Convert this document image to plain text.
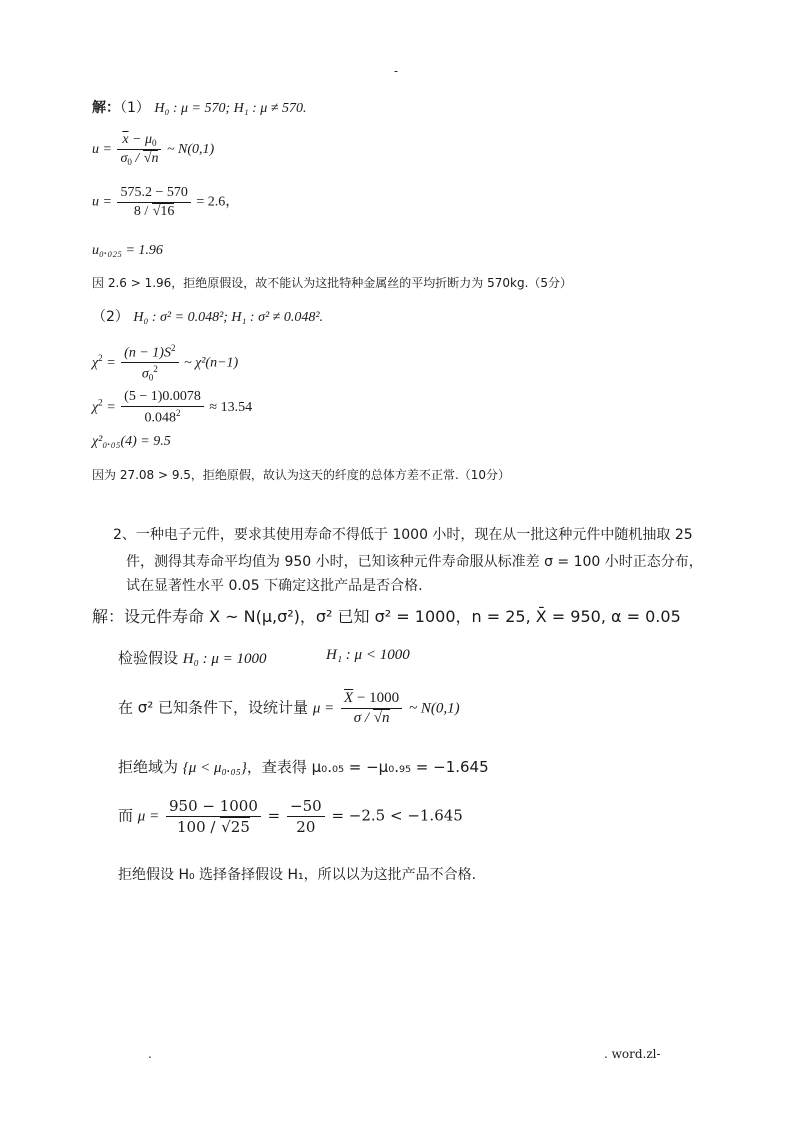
-
解：（1） H₀ : μ = 570; H₁ : μ ≠ 570.
$u = \frac{\overline{x} - \mu_0}{\sigma_0 / √n}$ ~ N(0,1)
$u = \frac{575.2 - 570}{8 / √16} = 2.6$，
u₀.₀₂₅ = 1.96
因 2.6 > 1.96，拒绝原假设，故不能认为这批特种金属丝的平均折断力为 570kg.（5分）
（2） H₀ : σ² = 0.048²; H₁ : σ² ≠ 0.048².
$\chi^2 = \frac{(n - 1)S^2}{\sigma_0^2}$ ~ χ²(n−1)
$\chi^2 = \frac{(5 - 1)0.0078}{0.048^2} \approx 13.54$
χ²₀.₀₅(4) = 9.5
因为 27.08 > 9.5，拒绝原假，故认为这天的纤度的总体方差不正常.（10分）
2、一种电子元件，要求其使用寿命不得低于 1000 小时，现在从一批这种元件中随机抽取 25
件，测得其寿命平均值为 950 小时，已知该种元件寿命服从标准差 σ = 100 小时正态分布，
试在显著性水平 0.05 下确定这批产品是否合格.
解：设元件寿命 X ~ N(μ,σ²)，σ² 已知 σ² = 1000，n = 25, X̄ = 950, α = 0.05
检验假设 H₀ : μ = 1000	H₁ : μ < 1000
在 σ² 已知条件下，设统计量 $\mu = \frac{\overline{X} - 1000}{\sigma / √n}$ ~ N(0,1)
拒绝域为 {μ < μ₀.₀₅}，查表得 μ₀.₀₅ = −μ₀.₉₅ = −1.645
而 $\mu = \frac{950 - 1000}{100 / √25} = \frac{-50}{20} = -2.5 < -1.645$
拒绝假设 H₀ 选择备择假设 H₁，所以以为这批产品不合格.
.	. word.zl-
